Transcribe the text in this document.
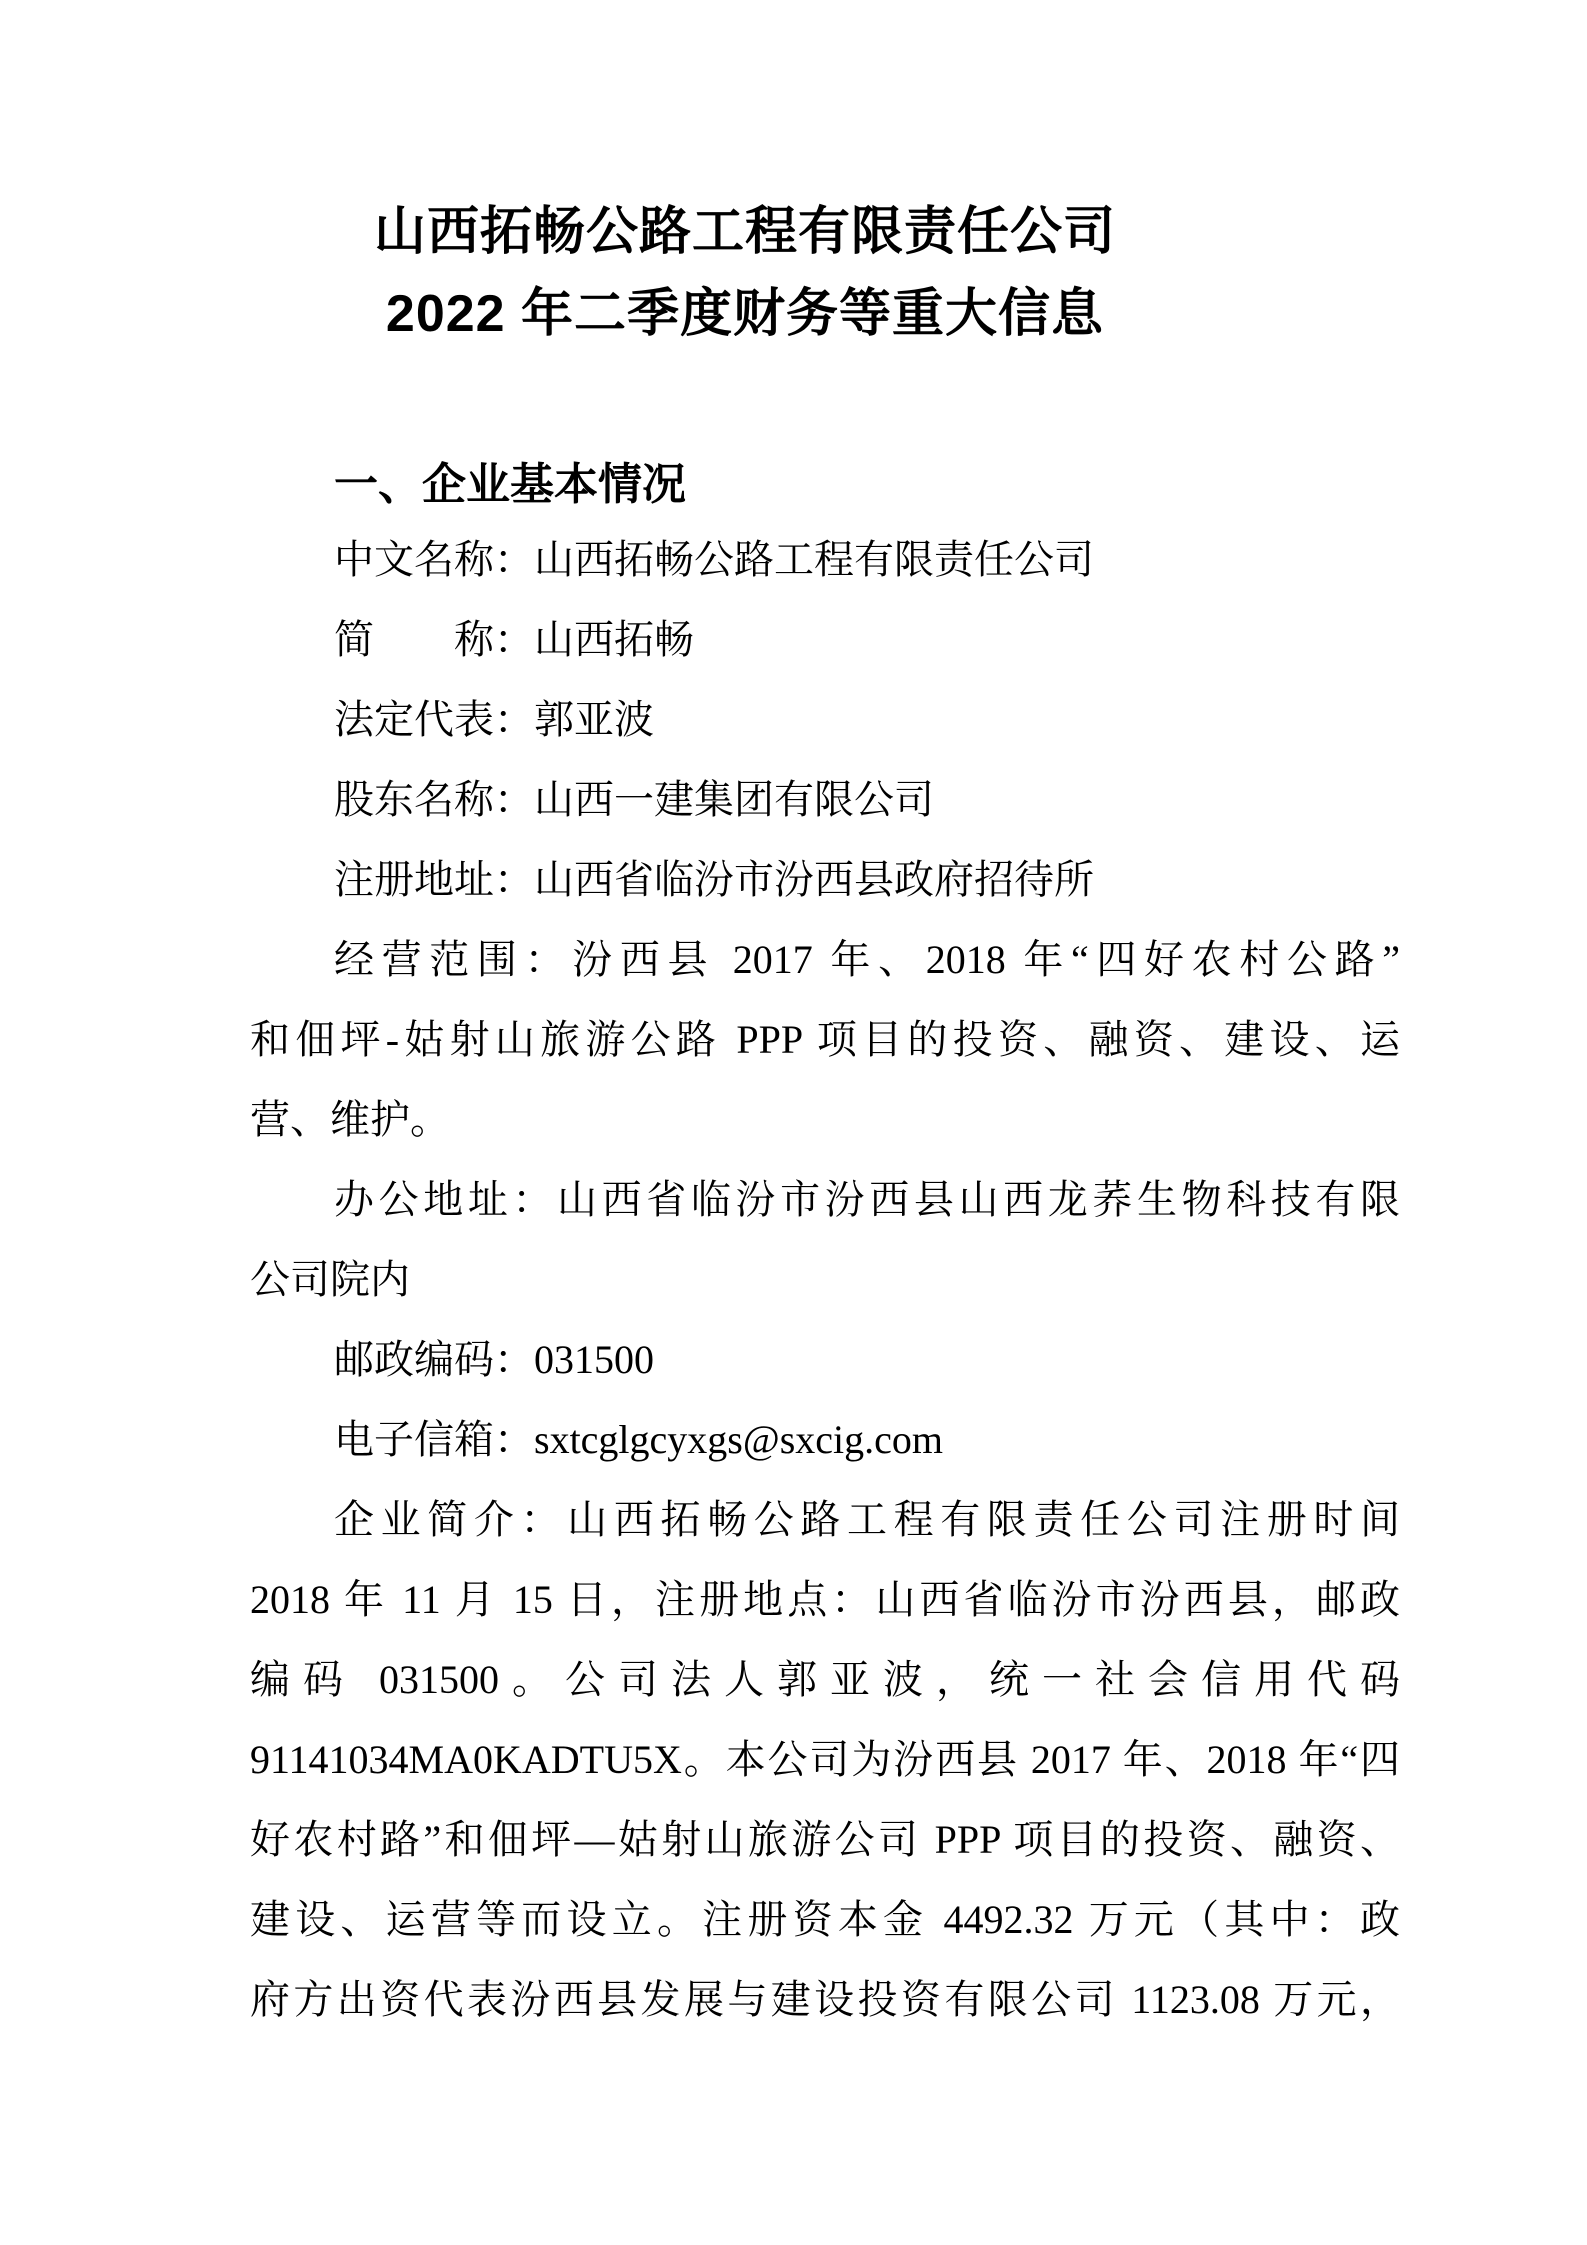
山西拓畅公路工程有限责任公司
2022 年二季度财务等重大信息
一、企业基本情况
中文名称：山西拓畅公路工程有限责任公司
简　　称：山西拓畅
法定代表：郭亚波
股东名称：山西一建集团有限公司
注册地址：山西省临汾市汾西县政府招待所
经营范围：汾西县 2017 年、2018 年“四好农村公路”
和佃坪-姑射山旅游公路 PPP 项目的投资、融资、建设、运
营、维护。
办公地址：山西省临汾市汾西县山西龙荞生物科技有限
公司院内
邮政编码：031500
电子信箱：sxtcglgcyxgs@sxcig.com
企业简介：山西拓畅公路工程有限责任公司注册时间
2018 年 11 月 15 日，注册地点：山西省临汾市汾西县，邮政
编码 031500。公司法人郭亚波，统一社会信用代码
91141034MA0KADTU5X。本公司为汾西县 2017 年、2018 年“四
好农村路”和佃坪—姑射山旅游公司 PPP 项目的投资、融资、
建设、运营等而设立。注册资本金 4492.32 万元（其中：政
府方出资代表汾西县发展与建设投资有限公司 1123.08 万元，
